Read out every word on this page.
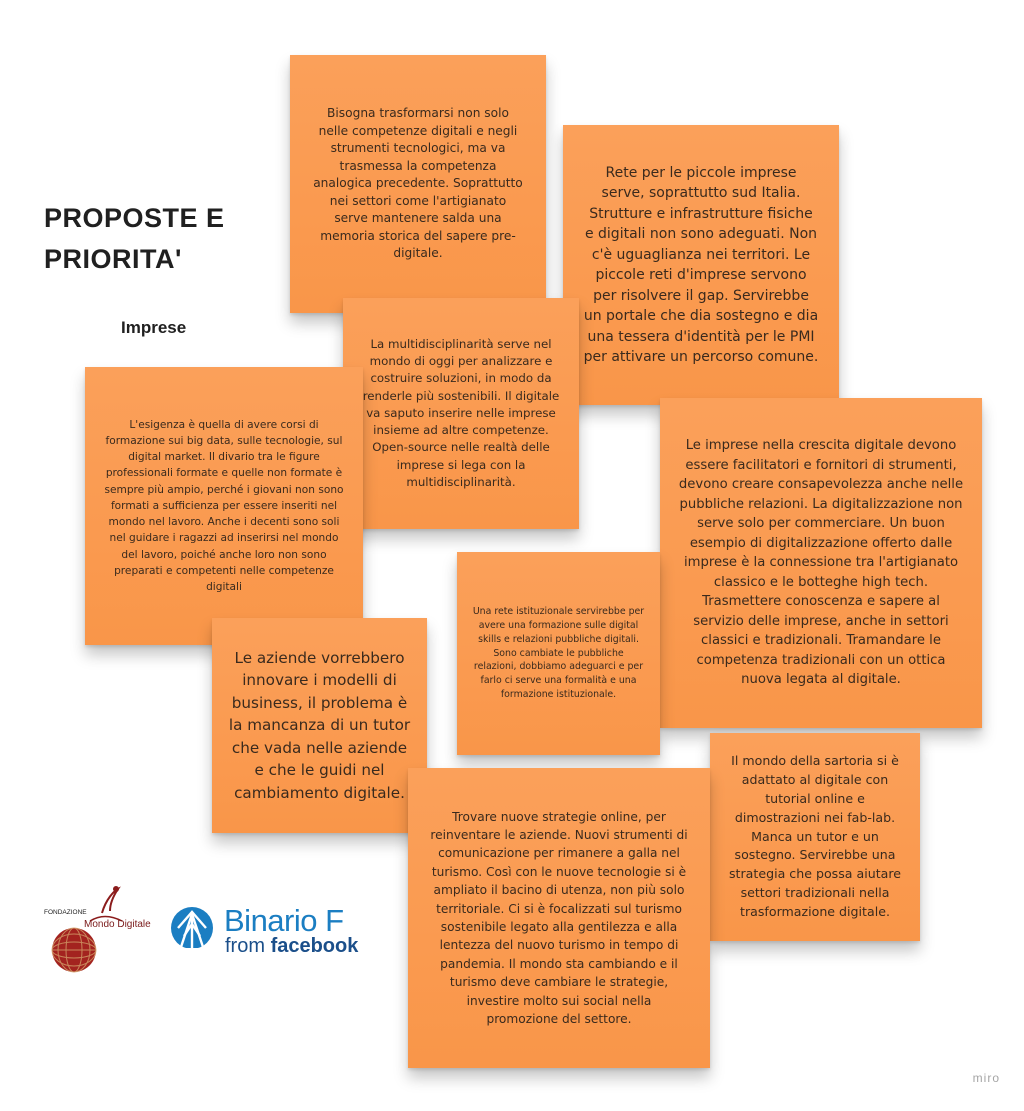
PROPOSTE E
PRIORITA'
Imprese
Bisogna trasformarsi non solo nelle competenze digitali e negli strumenti tecnologici, ma va trasmessa la competenza analogica precedente. Soprattutto nei settori come l'artigianato serve mantenere salda una memoria storica del sapere pre-digitale.
Rete per le piccole imprese serve, soprattutto sud Italia. Strutture e infrastrutture fisiche e digitali non sono adeguati. Non c'è uguaglianza nei territori. Le piccole reti d'imprese servono per risolvere il gap. Servirebbe un portale che dia sostegno e dia una tessera d'identità per le PMI per attivare un percorso comune.
La multidisciplinarità serve nel mondo di oggi per analizzare e costruire soluzioni, in modo da renderle più sostenibili. Il digitale va saputo inserire nelle imprese insieme ad altre competenze. Open-source nelle realtà delle imprese si lega con la multidisciplinarità.
L'esigenza è quella di avere corsi di formazione sui big data, sulle tecnologie, sul digital market. Il divario tra le figure professionali formate e quelle non formate è sempre più ampio, perché i giovani non sono formati a sufficienza per essere inseriti nel mondo nel lavoro. Anche i decenti sono soli nel guidare i ragazzi ad inserirsi nel mondo del lavoro, poiché anche loro non sono preparati e competenti nelle competenze digitali
Le imprese nella crescita digitale devono essere facilitatori e fornitori di strumenti, devono creare consapevolezza anche nelle pubbliche relazioni. La digitalizzazione non serve solo per commerciare. Un buon esempio di digitalizzazione offerto dalle imprese è la connessione tra l'artigianato classico e le botteghe high tech. Trasmettere conoscenza e sapere al servizio delle imprese, anche in settori classici e tradizionali. Tramandare le competenza tradizionali con un ottica nuova legata al digitale.
Una rete istituzionale servirebbe per avere una formazione sulle digital skills e relazioni pubbliche digitali. Sono cambiate le pubbliche relazioni, dobbiamo adeguarci e per farlo ci serve una formalità e una formazione istituzionale.
Le aziende vorrebbero innovare i modelli di business, il problema è la mancanza di un tutor che vada nelle aziende e che le guidi nel cambiamento digitale.
Il mondo della sartoria si è adattato al digitale con tutorial online e dimostrazioni nei fab-lab. Manca un tutor e un sostegno. Servirebbe una strategia che possa aiutare settori tradizionali nella trasformazione digitale.
Trovare nuove strategie online, per reinventare le aziende. Nuovi strumenti di comunicazione per rimanere a galla nel turismo. Così con le nuove tecnologie si è ampliato il bacino di utenza, non più solo territoriale. Ci si è focalizzati sul turismo sostenibile legato alla gentilezza e alla lentezza del nuovo turismo in tempo di pandemia. Il mondo sta cambiando e il turismo deve cambiare le strategie, investire molto sui social nella promozione del settore.
FONDAZIONE
Mondo Digitale Binario F
from facebook
miro
